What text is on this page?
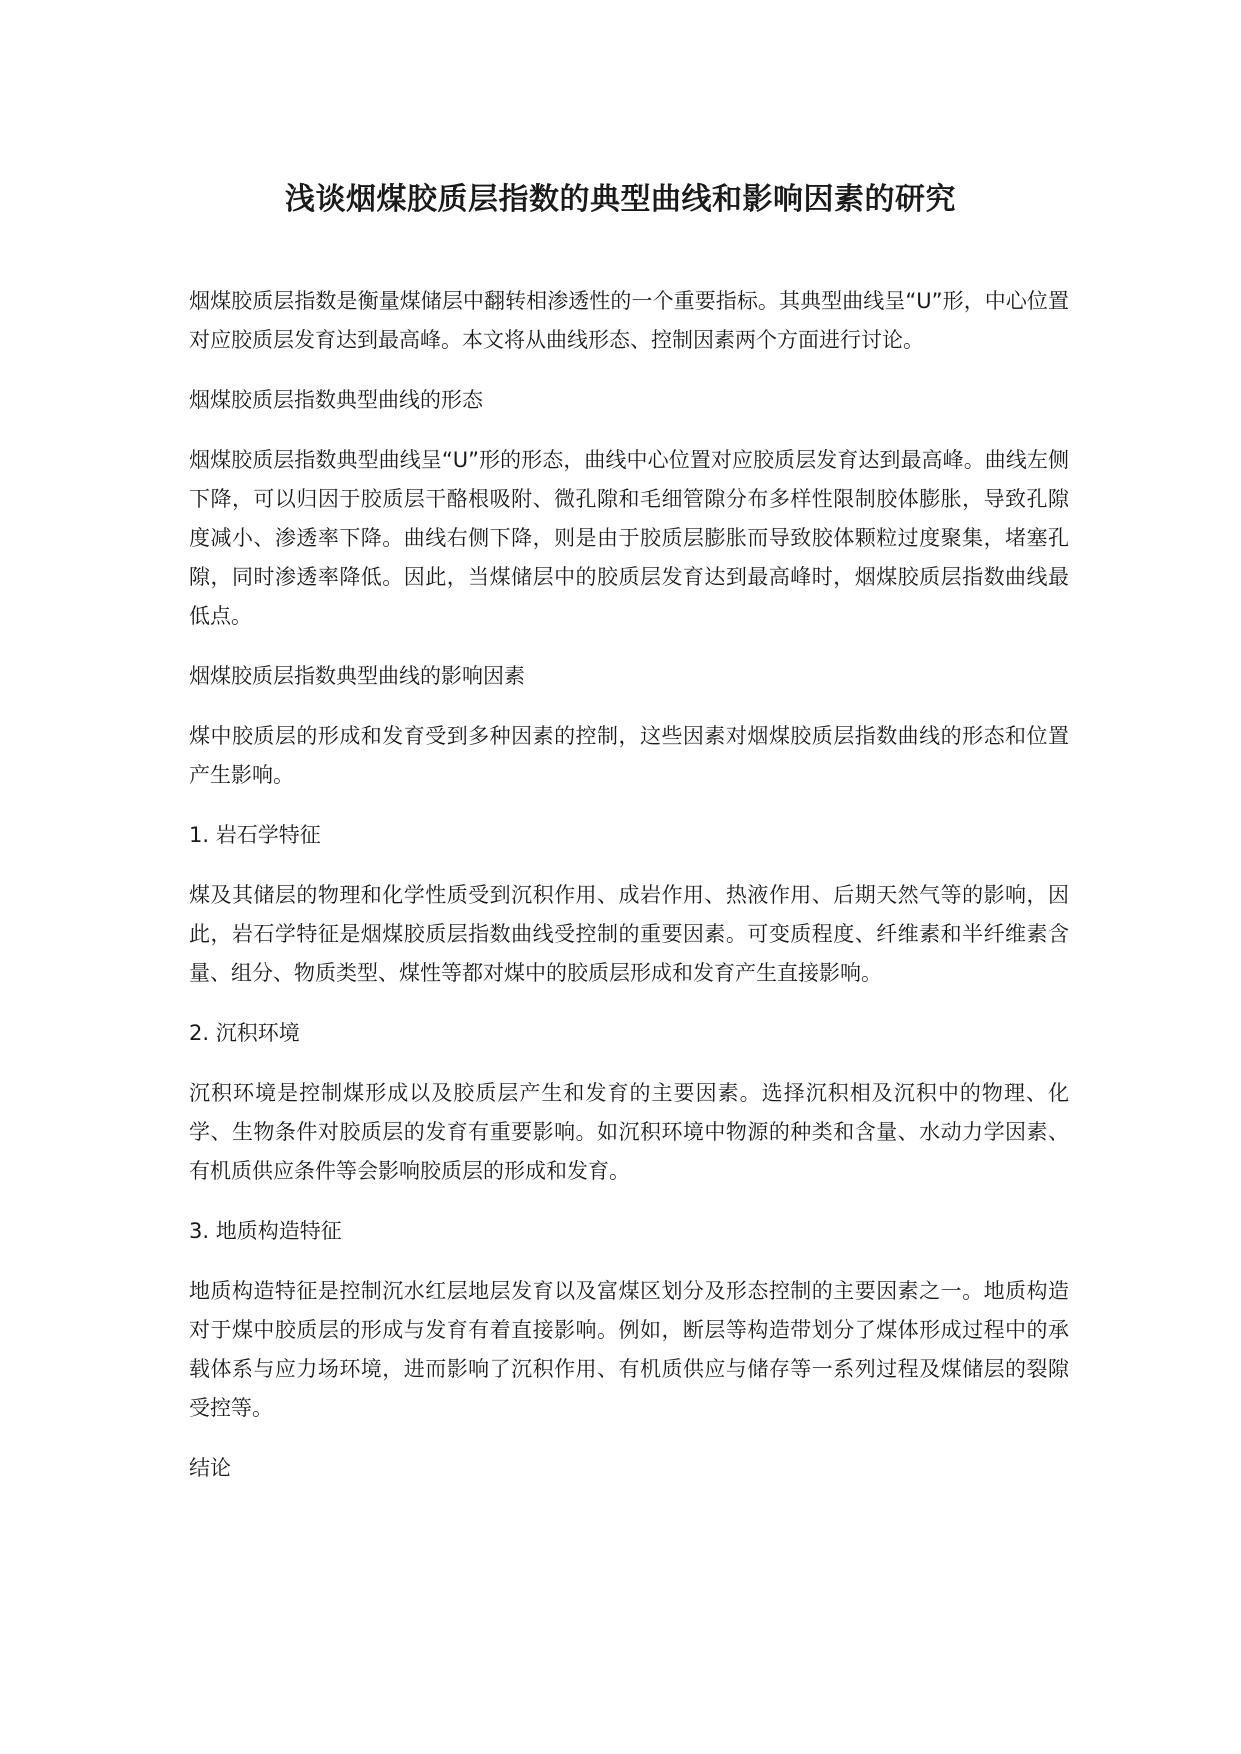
浅谈烟煤胶质层指数的典型曲线和影响因素的研究

烟煤胶质层指数是衡量煤储层中翻转相渗透性的一个重要指标。其典型曲线呈“U”形，中心位置对应胶质层发育达到最高峰。本文将从曲线形态、控制因素两个方面进行讨论。

烟煤胶质层指数典型曲线的形态

烟煤胶质层指数典型曲线呈“U”形的形态，曲线中心位置对应胶质层发育达到最高峰。曲线左侧下降，可以归因于胶质层干酪根吸附、微孔隙和毛细管隙分布多样性限制胶体膨胀，导致孔隙度减小、渗透率下降。曲线右侧下降，则是由于胶质层膨胀而导致胶体颗粒过度聚集，堵塞孔隙，同时渗透率降低。因此，当煤储层中的胶质层发育达到最高峰时，烟煤胶质层指数曲线最低点。

烟煤胶质层指数典型曲线的影响因素

煤中胶质层的形成和发育受到多种因素的控制，这些因素对烟煤胶质层指数曲线的形态和位置产生影响。

1. 岩石学特征

煤及其储层的物理和化学性质受到沉积作用、成岩作用、热液作用、后期天然气等的影响，因此，岩石学特征是烟煤胶质层指数曲线受控制的重要因素。可变质程度、纤维素和半纤维素含量、组分、物质类型、煤性等都对煤中的胶质层形成和发育产生直接影响。

2. 沉积环境

沉积环境是控制煤形成以及胶质层产生和发育的主要因素。选择沉积相及沉积中的物理、化学、生物条件对胶质层的发育有重要影响。如沉积环境中物源的种类和含量、水动力学因素、有机质供应条件等会影响胶质层的形成和发育。

3. 地质构造特征

地质构造特征是控制沉水红层地层发育以及富煤区划分及形态控制的主要因素之一。地质构造对于煤中胶质层的形成与发育有着直接影响。例如，断层等构造带划分了煤体形成过程中的承载体系与应力场环境，进而影响了沉积作用、有机质供应与储存等一系列过程及煤储层的裂隙受控等。

结论
